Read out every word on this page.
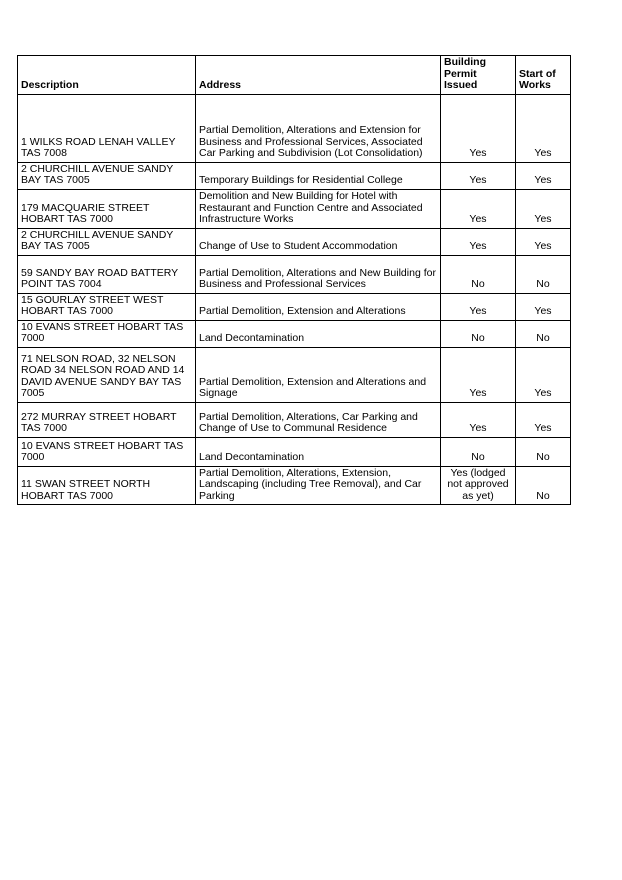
Description	Address	Building Permit Issued	Start of Works
1 WILKS ROAD LENAH VALLEY TAS 7008	Partial Demolition, Alterations and Extension for Business and Professional Services, Associated Car Parking and Subdivision (Lot Consolidation)	Yes	Yes
2 CHURCHILL AVENUE SANDY BAY TAS 7005	Temporary Buildings for Residential College	Yes	Yes
179 MACQUARIE STREET HOBART TAS 7000	Demolition and New Building for Hotel with Restaurant and Function Centre and Associated Infrastructure Works	Yes	Yes
2 CHURCHILL AVENUE SANDY BAY TAS 7005	Change of Use to Student Accommodation	Yes	Yes
59 SANDY BAY ROAD BATTERY POINT TAS 7004	Partial Demolition, Alterations and New Building for Business and Professional Services	No	No
15 GOURLAY STREET WEST HOBART TAS 7000	Partial Demolition, Extension and Alterations	Yes	Yes
10 EVANS STREET HOBART TAS 7000	Land Decontamination	No	No
71 NELSON ROAD, 32 NELSON ROAD 34 NELSON ROAD AND 14 DAVID AVENUE SANDY BAY TAS 7005	Partial Demolition, Extension and Alterations and Signage	Yes	Yes
272 MURRAY STREET HOBART TAS 7000	Partial Demolition, Alterations, Car Parking and Change of Use to Communal Residence	Yes	Yes
10 EVANS STREET HOBART TAS 7000	Land Decontamination	No	No
11 SWAN STREET NORTH HOBART TAS 7000	Partial Demolition, Alterations, Extension, Landscaping (including Tree Removal), and Car Parking	Yes (lodged not approved as yet)	No
